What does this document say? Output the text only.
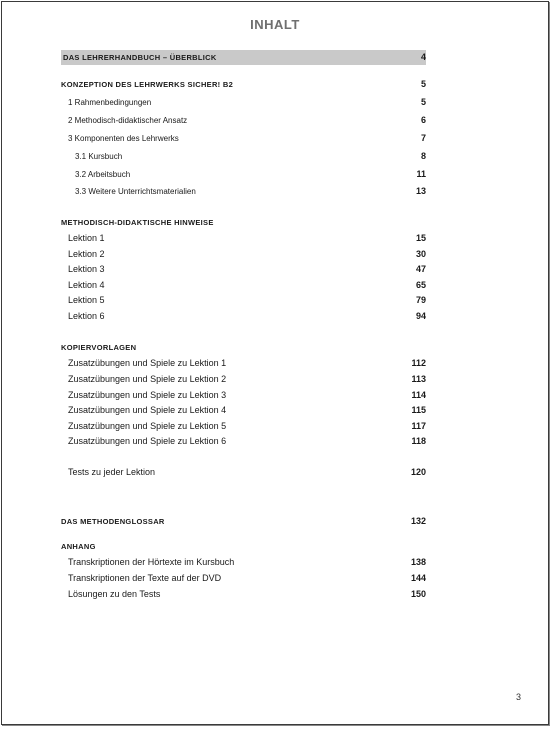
INHALT
DAS LEHRERHANDBUCH – ÜBERBLICK	4
KONZEPTION DES LEHRWERKS SICHER! B2	5
1 Rahmenbedingungen	5
2 Methodisch-didaktischer Ansatz	6
3 Komponenten des Lehrwerks	7
3.1 Kursbuch	8
3.2 Arbeitsbuch	11
3.3 Weitere Unterrichtsmaterialien	13
METHODISCH-DIDAKTISCHE HINWEISE
Lektion 1	15
Lektion 2	30
Lektion 3	47
Lektion 4	65
Lektion 5	79
Lektion 6	94
KOPIERVORLAGEN
Zusatzübungen und Spiele zu Lektion 1	112
Zusatzübungen und Spiele zu Lektion 2	113
Zusatzübungen und Spiele zu Lektion 3	114
Zusatzübungen und Spiele zu Lektion 4	115
Zusatzübungen und Spiele zu Lektion 5	117
Zusatzübungen und Spiele zu Lektion 6	118
Tests zu jeder Lektion	120
DAS METHODENGLOSSAR	132
ANHANG
Transkriptionen der Hörtexte im Kursbuch	138
Transkriptionen der Texte auf der DVD	144
Lösungen zu den Tests	150
3
